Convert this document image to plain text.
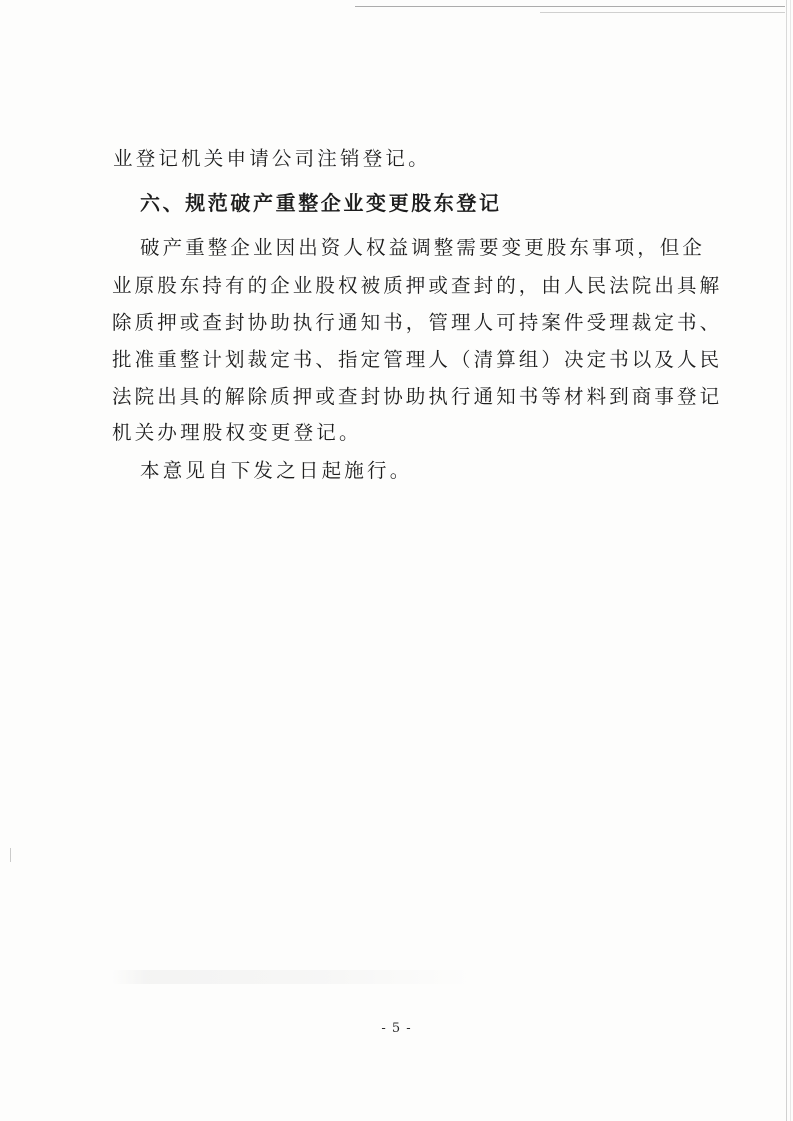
业登记机关申请公司注销登记。
六、规范破产重整企业变更股东登记
破产重整企业因出资人权益调整需要变更股东事项，但企
业原股东持有的企业股权被质押或查封的，由人民法院出具解
除质押或查封协助执行通知书，管理人可持案件受理裁定书、
批准重整计划裁定书、指定管理人（清算组）决定书以及人民
法院出具的解除质押或查封协助执行通知书等材料到商事登记
机关办理股权变更登记。
本意见自下发之日起施行。
- 5 -
